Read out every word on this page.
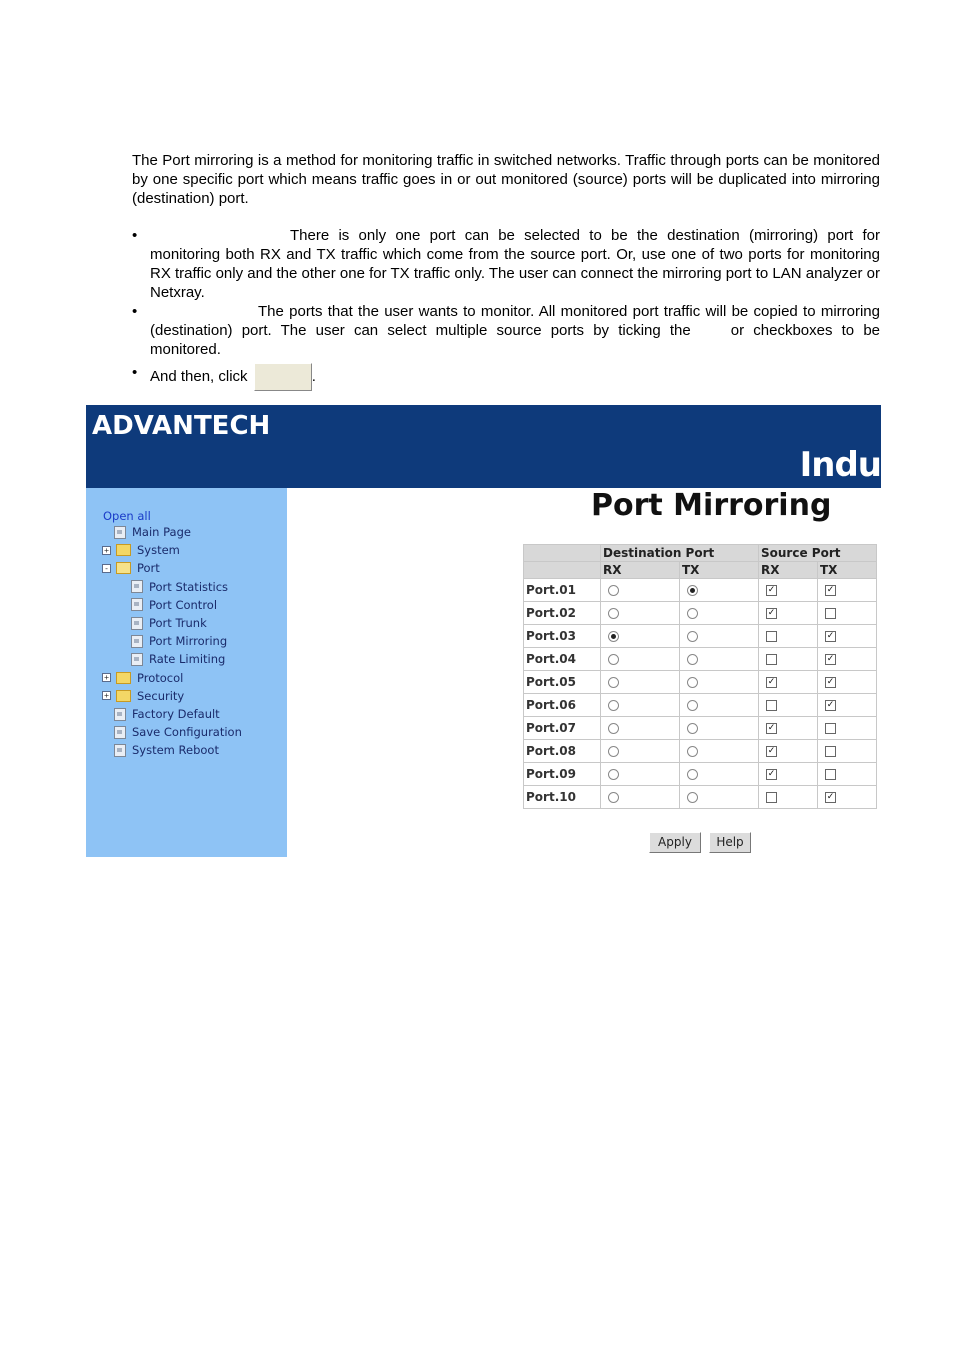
The Port mirroring is a method for monitoring traffic in switched networks. Traffic through ports can be monitored by one specific port which means traffic goes in or out monitored (source) ports will be duplicated into mirroring (destination) port.

•	There is only one port can be selected to be the destination (mirroring) port for monitoring both RX and TX traffic which come from the source port. Or, use one of two ports for monitoring RX traffic only and the other one for TX traffic only. The user can connect the mirroring port to LAN analyzer or Netxray.
•	The ports that the user wants to monitor. All monitored port traffic will be copied to mirroring (destination) port. The user can select multiple source ports by ticking the	or checkboxes to be monitored.
• And then, click	.
ADVANTECH
Indu
Open all
Main Page
+ System
- Port
Port Statistics
Port Control
Port Trunk
Port Mirroring
Rate Limiting
+ Protocol
+ Security
Factory Default
Save Configuration
System Reboot
Port Mirroring
	Destination Port		Source Port	
	RX	TX	RX	TX
Port.01			✓	✓
Port.02			✓	
Port.03				✓
Port.04				✓
Port.05			✓	✓
Port.06				✓
Port.07			✓	
Port.08			✓	
Port.09			✓	
Port.10				✓
Apply	Help
